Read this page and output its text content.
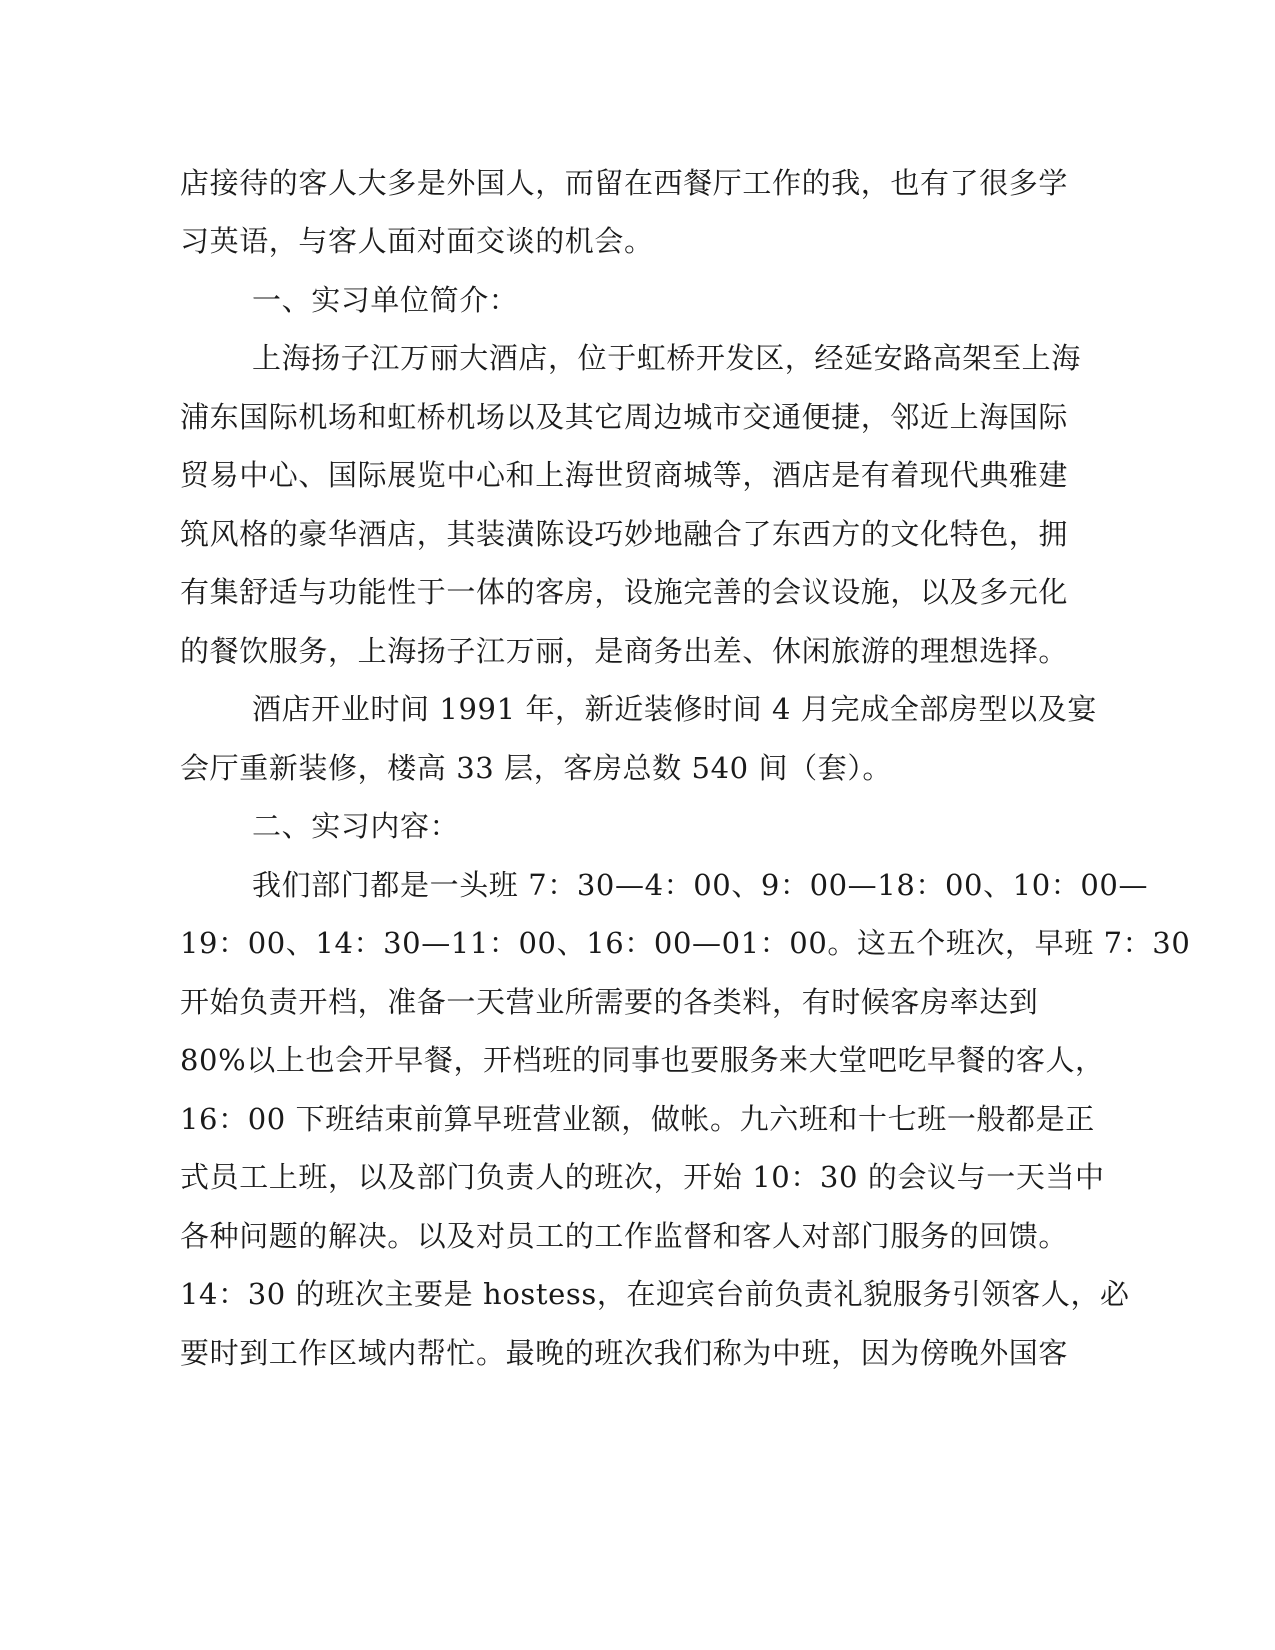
店接待的客人大多是外国人，而留在西餐厅工作的我，也有了很多学
习英语，与客人面对面交谈的机会。
一、实习单位简介：
上海扬子江万丽大酒店，位于虹桥开发区，经延安路高架至上海
浦东国际机场和虹桥机场以及其它周边城市交通便捷，邻近上海国际
贸易中心、国际展览中心和上海世贸商城等，酒店是有着现代典雅建
筑风格的豪华酒店，其装潢陈设巧妙地融合了东西方的文化特色，拥
有集舒适与功能性于一体的客房，设施完善的会议设施，以及多元化
的餐饮服务，上海扬子江万丽，是商务出差、休闲旅游的理想选择。
酒店开业时间 1991 年，新近装修时间 4 月完成全部房型以及宴
会厅重新装修，楼高 33 层，客房总数 540 间（套）。
二、实习内容：
我们部门都是一头班 7：30—4：00、9：00—18：00、10：00—
19：00、14：30—11：00、16：00—01：00。这五个班次，早班 7：30
开始负责开档，准备一天营业所需要的各类料，有时候客房率达到
80%以上也会开早餐，开档班的同事也要服务来大堂吧吃早餐的客人，
16：00 下班结束前算早班营业额，做帐。九六班和十七班一般都是正
式员工上班，以及部门负责人的班次，开始 10：30 的会议与一天当中
各种问题的解决。以及对员工的工作监督和客人对部门服务的回馈。
14：30 的班次主要是 hostess，在迎宾台前负责礼貌服务引领客人，必
要时到工作区域内帮忙。最晚的班次我们称为中班，因为傍晚外国客
